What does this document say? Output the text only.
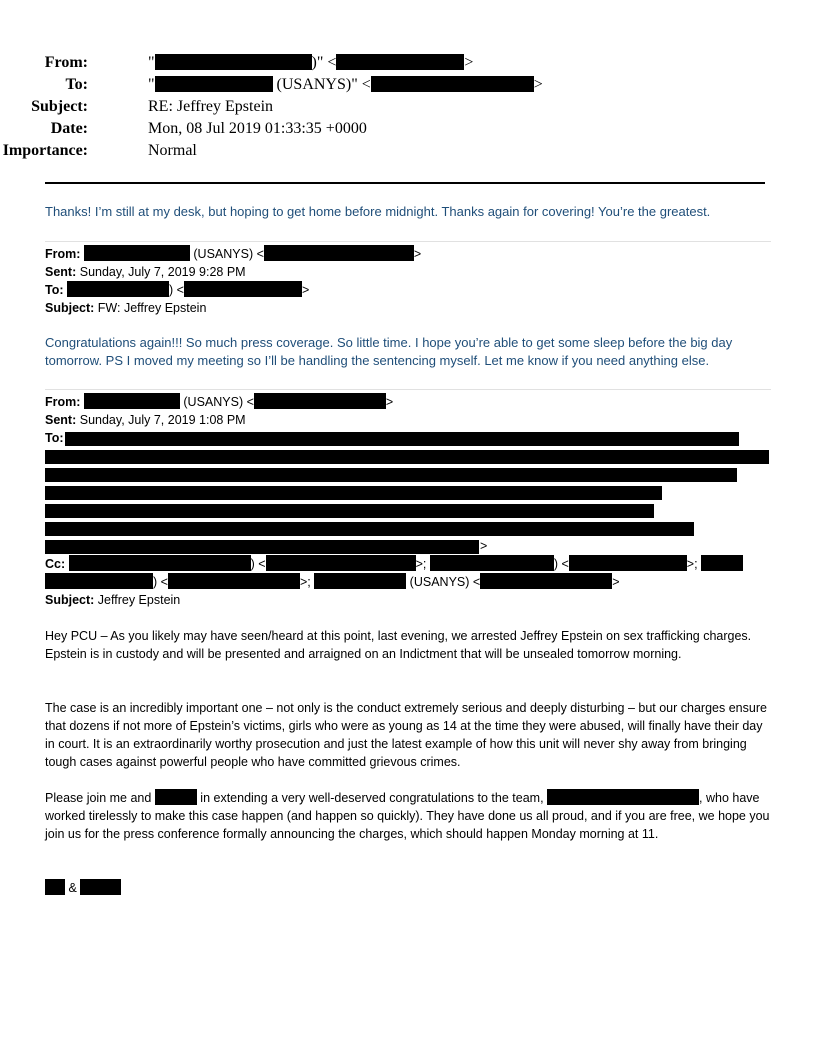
From:	"	)" <	>
To:	"	(USANYS)" <	>
Subject:	RE: Jeffrey Epstein
Date:	Mon, 08 Jul 2019 01:33:35 +0000
Importance:	Normal
Thanks! I’m still at my desk, but hoping to get home before midnight. Thanks again for covering! You’re the greatest.
From:	(USANYS) <	>
Sent: Sunday, July 7, 2019 9:28 PM
To:	) <	>
Subject: FW: Jeffrey Epstein
Congratulations again!!! So much press coverage. So little time. I hope you’re able to get some sleep before the big day tomorrow. PS I moved my meeting so I’ll be handling the sentencing myself. Let me know if you need anything else.
From:	(USANYS) <	>
Sent: Sunday, July 7, 2019 1:08 PM
To:
>
Cc:	) <	>;	) <	>;
) <	>;	(USANYS) <	>
Subject: Jeffrey Epstein
Hey PCU – As you likely may have seen/heard at this point, last evening, we arrested Jeffrey Epstein on sex trafficking charges. Epstein is in custody and will be presented and arraigned on an Indictment that will be unsealed tomorrow morning.
The case is an incredibly important one – not only is the conduct extremely serious and deeply disturbing – but our charges ensure that dozens if not more of Epstein’s victims, girls who were as young as 14 at the time they were abused, will finally have their day in court. It is an extraordinarily worthy prosecution and just the latest example of how this unit will never shy away from bringing tough cases against powerful people who have committed grievous crimes.
Please join me and	in extending a very well-deserved congratulations to the team,	, who have worked tirelessly to make this case happen (and happen so quickly). They have done us all proud, and if you are free, we hope you join us for the press conference formally announcing the charges, which should happen Monday morning at 11.
&
